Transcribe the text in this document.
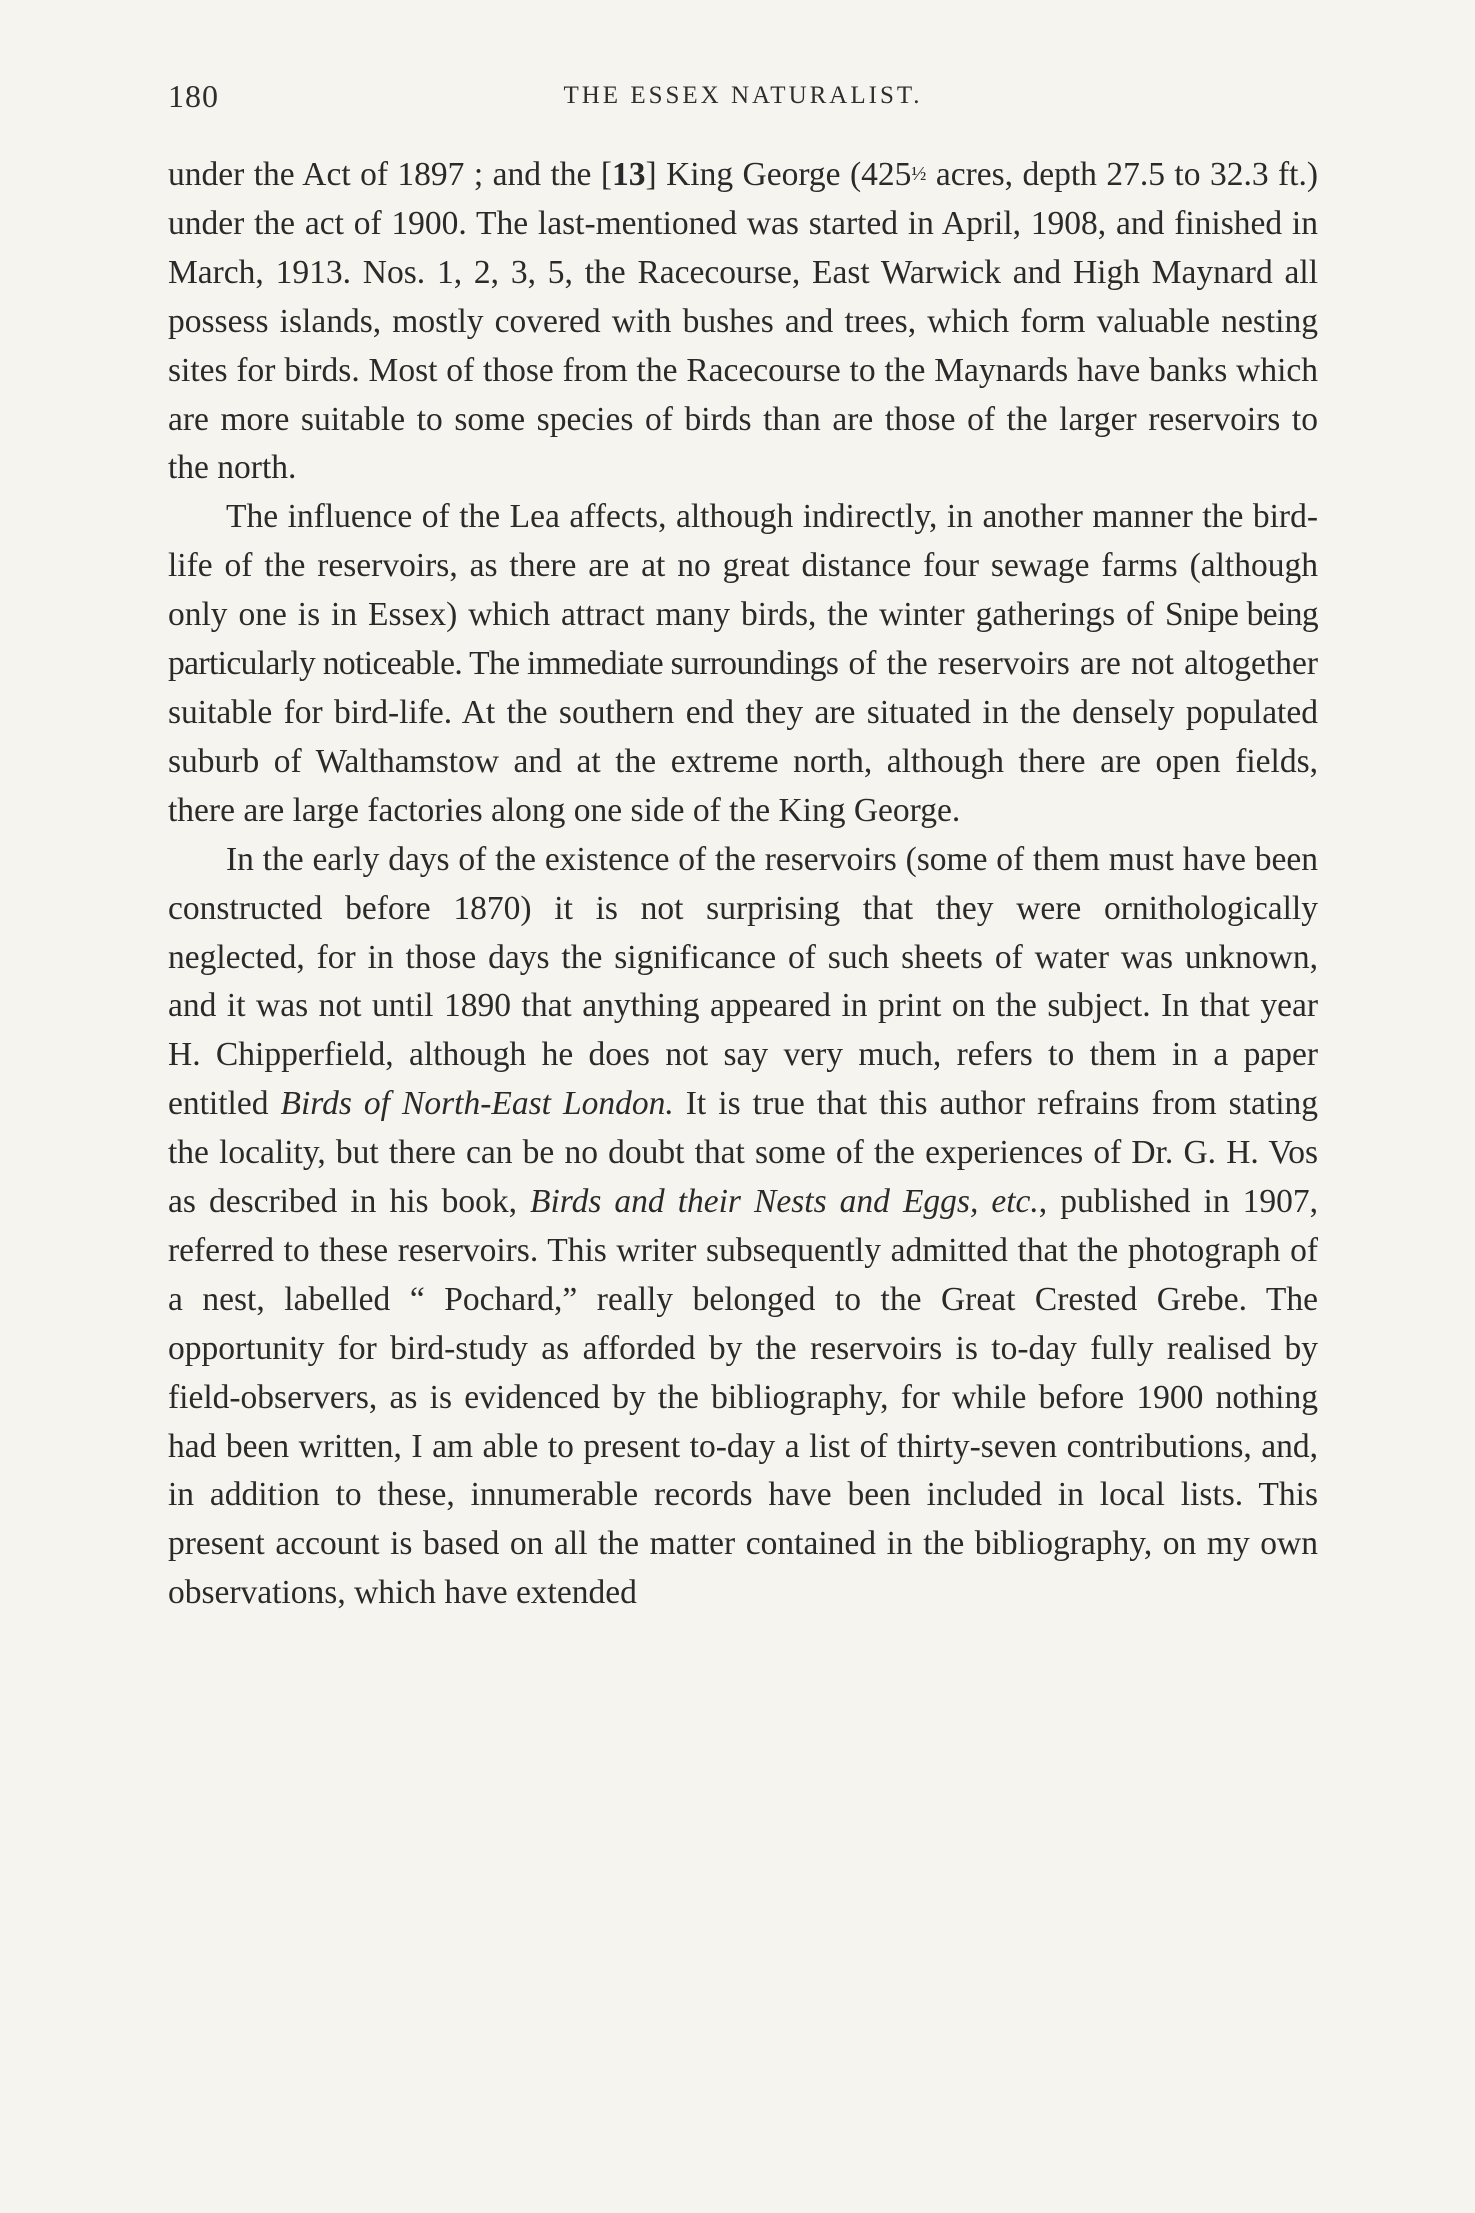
180	THE ESSEX NATURALIST.

under the Act of 1897 ; and the [13] King George (425½ acres, depth 27.5 to 32.3 ft.) under the act of 1900. The last-mentioned was started in April, 1908, and finished in March, 1913. Nos. 1, 2, 3, 5, the Racecourse, East Warwick and High Maynard all possess islands, mostly covered with bushes and trees, which form valuable nesting sites for birds. Most of those from the Racecourse to the Maynards have banks which are more suitable to some species of birds than are those of the larger reservoirs to the north.

The influence of the Lea affects, although indirectly, in another manner the bird-life of the reservoirs, as there are at no great distance four sewage farms (although only one is in Essex) which attract many birds, the winter gatherings of Snipe being particularly noticeable. The immediate surroundings of the reservoirs are not altogether suitable for bird-life. At the southern end they are situated in the densely populated suburb of Walthamstow and at the extreme north, although there are open fields, there are large factories along one side of the King George.

In the early days of the existence of the reservoirs (some of them must have been constructed before 1870) it is not surprising that they were ornithologically neglected, for in those days the significance of such sheets of water was unknown, and it was not until 1890 that anything appeared in print on the subject. In that year H. Chipperfield, although he does not say very much, refers to them in a paper entitled Birds of North-East London. It is true that this author refrains from stating the locality, but there can be no doubt that some of the experiences of Dr. G. H. Vos as described in his book, Birds and their Nests and Eggs, etc., published in 1907, referred to these reservoirs. This writer subsequently admitted that the photograph of a nest, labelled “ Pochard,” really belonged to the Great Crested Grebe. The opportunity for bird-study as afforded by the reservoirs is to-day fully realised by field-observers, as is evidenced by the bibliography, for while before 1900 nothing had been written, I am able to present to-day a list of thirty-seven contributions, and, in addition to these, innumerable records have been included in local lists. This present account is based on all the matter contained in the bibliography, on my own observations, which have extended
